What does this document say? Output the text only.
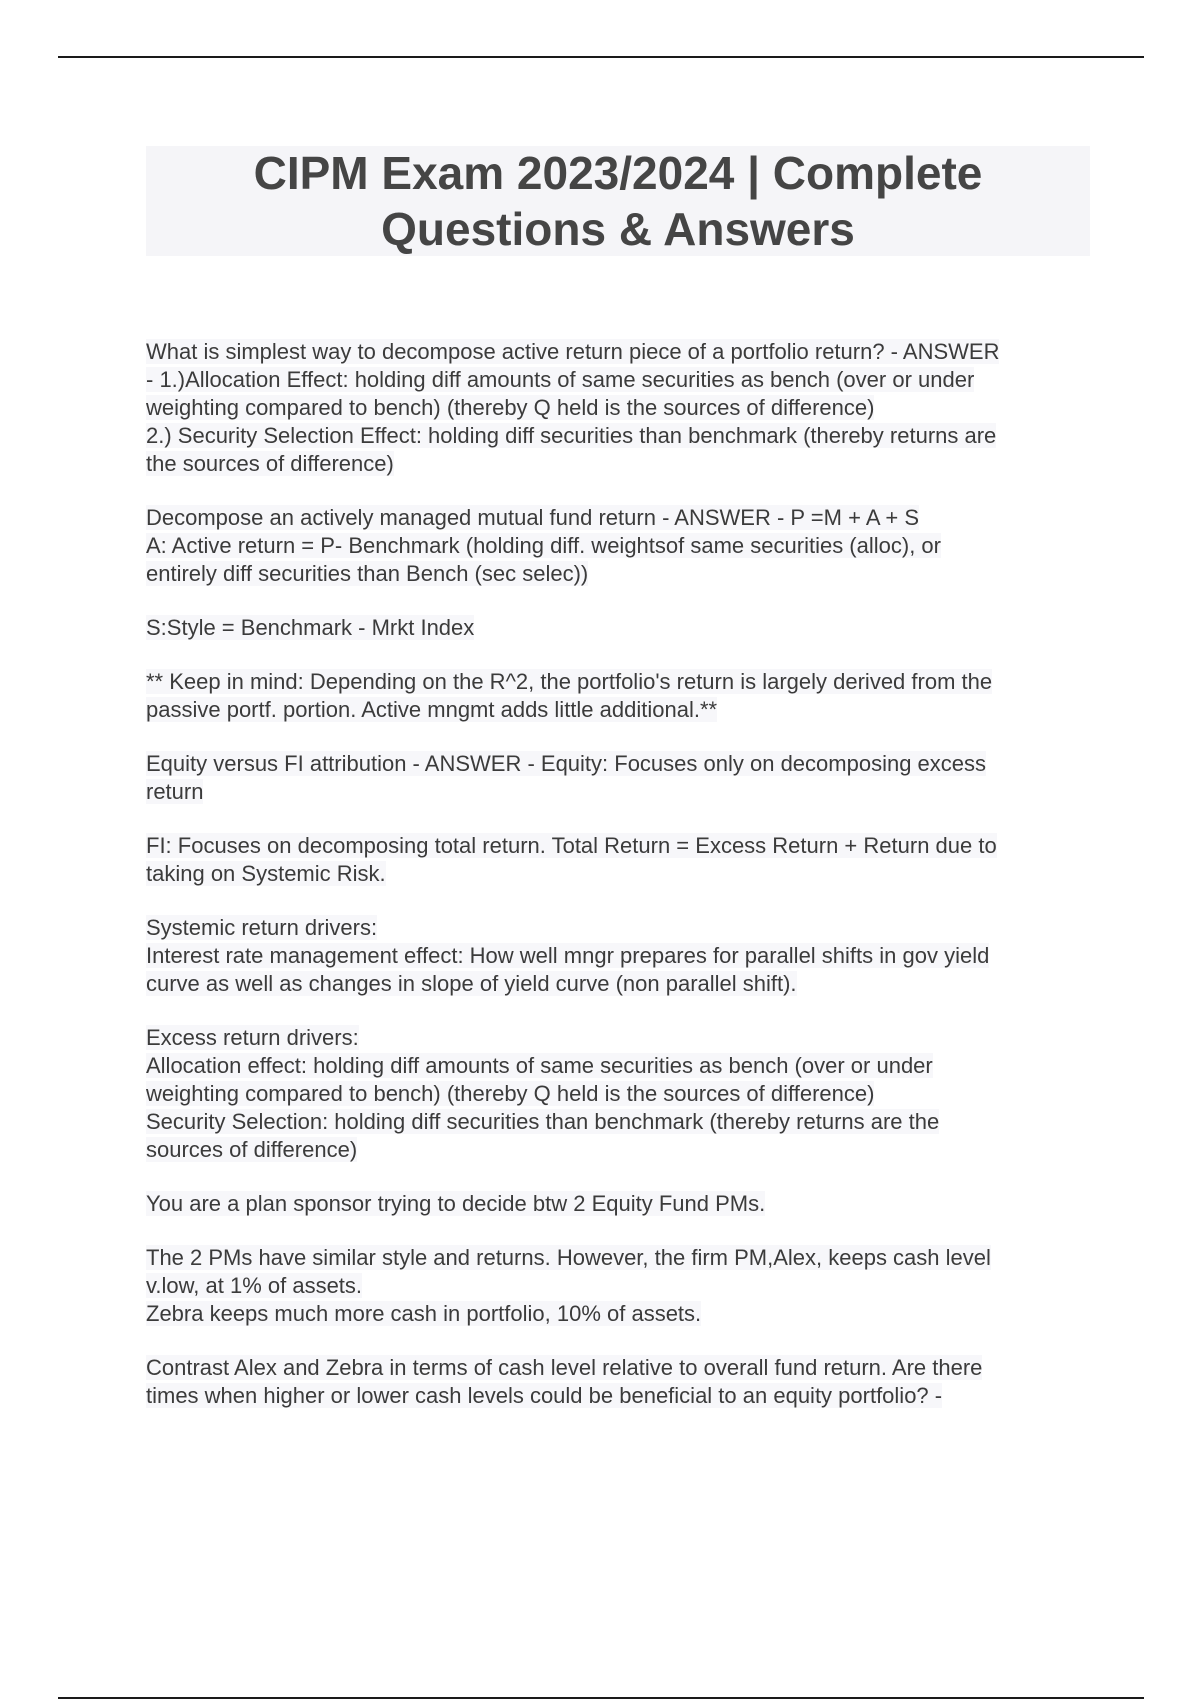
CIPM Exam 2023/2024 | Complete
Questions & Answers
What is simplest way to decompose active return piece of a portfolio return? - ANSWER
- 1.)Allocation Effect: holding diff amounts of same securities as bench (over or under
weighting compared to bench) (thereby Q held is the sources of difference)
2.) Security Selection Effect: holding diff securities than benchmark (thereby returns are
the sources of difference)
Decompose an actively managed mutual fund return - ANSWER - P =M + A + S
A: Active return = P- Benchmark (holding diff. weightsof same securities (alloc), or
entirely diff securities than Bench (sec selec))
S:Style = Benchmark - Mrkt Index
** Keep in mind: Depending on the R^2, the portfolio's return is largely derived from the
passive portf. portion. Active mngmt adds little additional.**
Equity versus FI attribution - ANSWER - Equity: Focuses only on decomposing excess
return
FI: Focuses on decomposing total return. Total Return = Excess Return + Return due to
taking on Systemic Risk.
Systemic return drivers:
Interest rate management effect: How well mngr prepares for parallel shifts in gov yield
curve as well as changes in slope of yield curve (non parallel shift).
Excess return drivers:
Allocation effect: holding diff amounts of same securities as bench (over or under
weighting compared to bench) (thereby Q held is the sources of difference)
Security Selection: holding diff securities than benchmark (thereby returns are the
sources of difference)
You are a plan sponsor trying to decide btw 2 Equity Fund PMs.
The 2 PMs have similar style and returns. However, the firm PM,Alex, keeps cash level
v.low, at 1% of assets.
Zebra keeps much more cash in portfolio, 10% of assets.
Contrast Alex and Zebra in terms of cash level relative to overall fund return. Are there
times when higher or lower cash levels could be beneficial to an equity portfolio? -
